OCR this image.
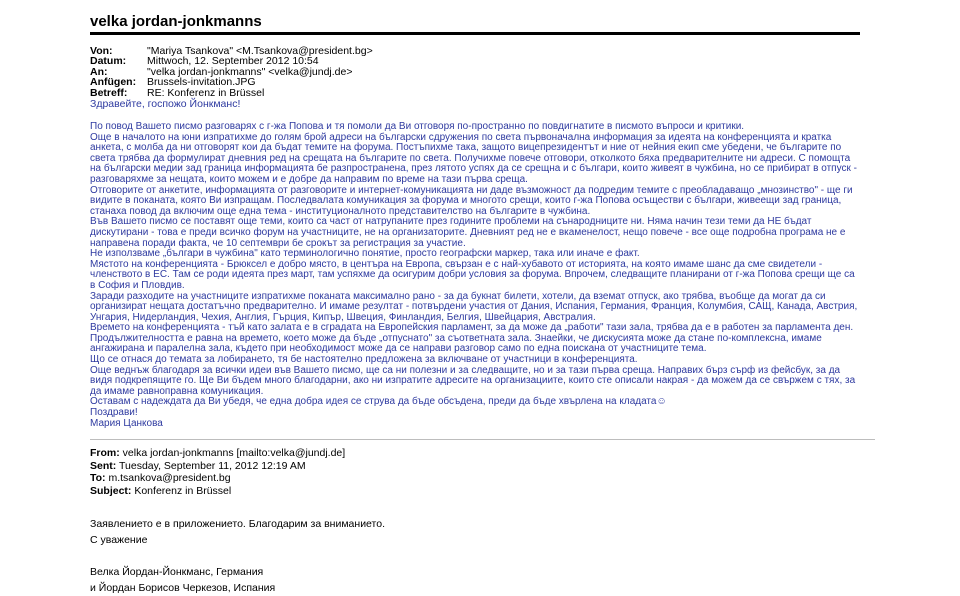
velka jordan-jonkmanns
Von:	"Mariya Tsankova" <M.Tsankova@president.bg>
Datum:	Mittwoch, 12. September 2012 10:54
An:	"velka jordan-jonkmanns" <velka@jundj.de>
Anfügen:	Brussels-invitation.JPG
Betreff:	RE: Konferenz in Brüssel
Здравейте, госпожо Йонкманс!

По повод Вашето писмо разговарях с г-жа Попова и тя помоли да Ви отговоря по-пространно по повдигнатите в писмото въпроси и критики.

Още в началото на юни изпратихме до голям брой адреси на български сдружения по света първоначална информация за идеята на конференцията и кратка анкета, с молба да ни отговорят кои да бъдат темите на форума. Постъпихме така, защото вицепрезидентът и ние от нейния екип сме убедени, че българите по света трябва да формулират дневния ред на срещата на българите по света. Получихме повече отговори, отколкото бяха предварителните ни адреси. С помощта на български медии зад граница информацията бе разпространена, през лятото успях да се срещна и с българи, които живеят в чужбина, но се прибират в отпуск - разговаряхме за нещата, които можем и е добре да направим по време на тази първа среща.

Отговорите от анкетите, информацията от разговорите и интернет-комуникацията ни даде възможност да подредим темите с преобладаващо „мнозинство" - ще ги видите в поканата, която Ви изпращам. Последвалата комуникация за форума и многото срещи, които г-жа Попова осъществи с българи, живеещи зад граница, станаха повод да включим още една тема - институционалното представителство на българите в чужбина.

Във Вашето писмо се поставят още теми, които са част от натрупаните през годините проблеми на сънародниците ни. Няма начин тези теми да НЕ бъдат дискутирани - това е преди всичко форум на участниците, не на организаторите. Дневният ред не е вкаменелост, нещо повече - все още подробна програма не е направена поради факта, че 10 септември бе срокът за регистрация за участие.

Не използваме „българи в чужбина" като терминологично понятие, просто географски маркер, така или иначе е факт.

Мястото на конференцията - Брюксел е добро място, в центъра на Европа, свързан е с най-хубавото от историята, на която имаме шанс да сме свидетели - членството в ЕС. Там се роди идеята през март, там успяхме да осигурим добри условия за форума. Впрочем, следващите планирани от г-жа Попова срещи ще са в София и Пловдив.

Заради разходите на участниците изпратихме поканата максимално рано - за да букнат билети, хотели, да вземат отпуск, ако трябва, въобще да могат да си организират нещата достатъчно предварително. И имаме резултат - потвърдени участия от Дания, Испания, Германия, Франция, Колумбия, САЩ, Канада, Австрия, Унгария, Нидерландия, Чехия, Англия, Гърция, Кипър, Швеция, Финландия, Белгия, Швейцария, Австралия.

Времето на конференцията - тъй като залата е в сградата на Европейския парламент, за да може да „работи" тази зала, трябва да е в работен за парламента ден.

Продължителността е равна на времето, което може да бъде „отпуснато" за съответната зала. Знаейки, че дискусията може да стане по-комплексна, имаме ангажирана и паралелна зала, където при необходимост може да се направи разговор само по една поискана от участниците тема.

Що се отнася до темата за лобирането, тя бе настоятелно предложена за включване от участници в конференцията.

Още веднъж благодаря за всички идеи във Вашето писмо, ще са ни полезни и за следващите, но и за тази първа среща. Направих бърз сърф из фейсбук, за да видя подкрепящите го. Ще Ви бъдем много благодарни, ако ни изпратите адресите на организациите, които сте описали накрая - да можем да се свържем с тях, за да имаме равноправна комуникация.

Оставам с надеждата да Ви убедя, че една добра идея се струва да бъде обсъдена, преди да бъде хвърлена на кладата☺

Поздрави!

Мария Цанкова

From: velka jordan-jonkmanns [mailto:velka@jundj.de]
Sent: Tuesday, September 11, 2012 12:19 AM
To: m.tsankova@president.bg
Subject: Konferenz in Brüssel
Заявлението е в приложението. Благодарим за вниманието.
С уважение
Велка Йордан-Йонкманс, Германия
и Йордан Борисов Черкезов, Испания
